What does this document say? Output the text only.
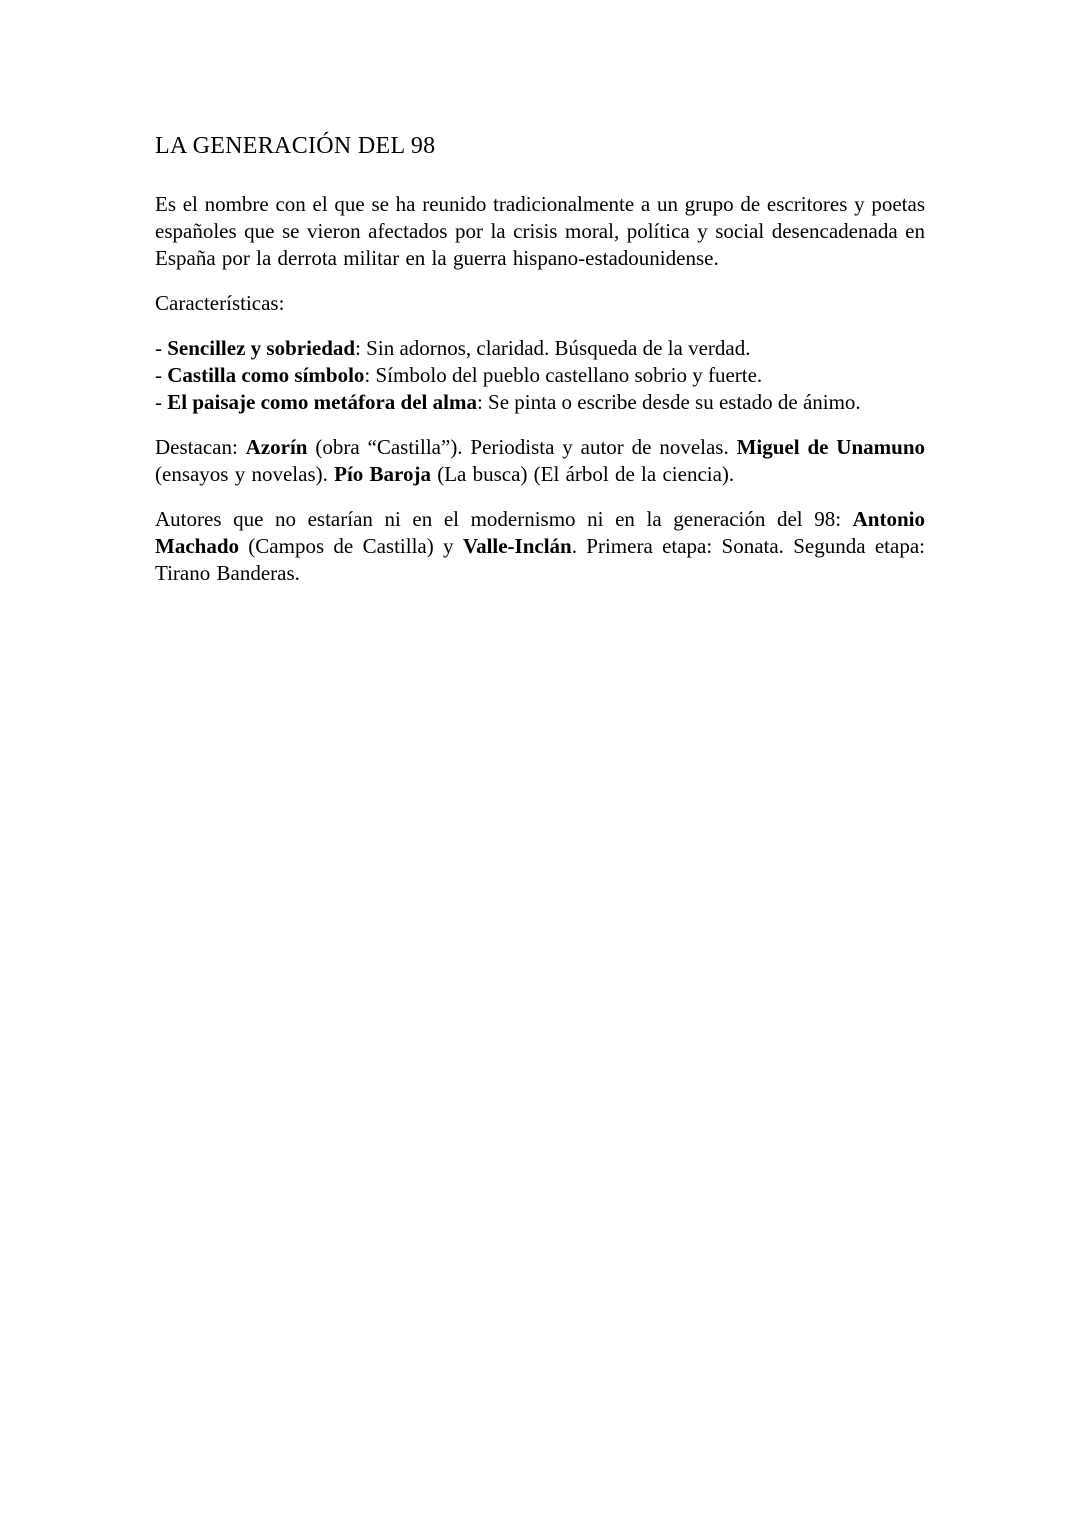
LA GENERACIÓN DEL 98

Es el nombre con el que se ha reunido tradicionalmente a un grupo de escritores y poetas españoles que se vieron afectados por la crisis moral, política y social desencadenada en España por la derrota militar en la guerra hispano-estadounidense.

Características:

- Sencillez y sobriedad: Sin adornos, claridad. Búsqueda de la verdad.
- Castilla como símbolo: Símbolo del pueblo castellano sobrio y fuerte.
- El paisaje como metáfora del alma: Se pinta o escribe desde su estado de ánimo.

Destacan: Azorín (obra “Castilla”). Periodista y autor de novelas. Miguel de Unamuno (ensayos y novelas). Pío Baroja (La busca) (El árbol de la ciencia).

Autores que no estarían ni en el modernismo ni en la generación del 98: Antonio Machado (Campos de Castilla) y Valle-Inclán. Primera etapa: Sonata. Segunda etapa: Tirano Banderas.
